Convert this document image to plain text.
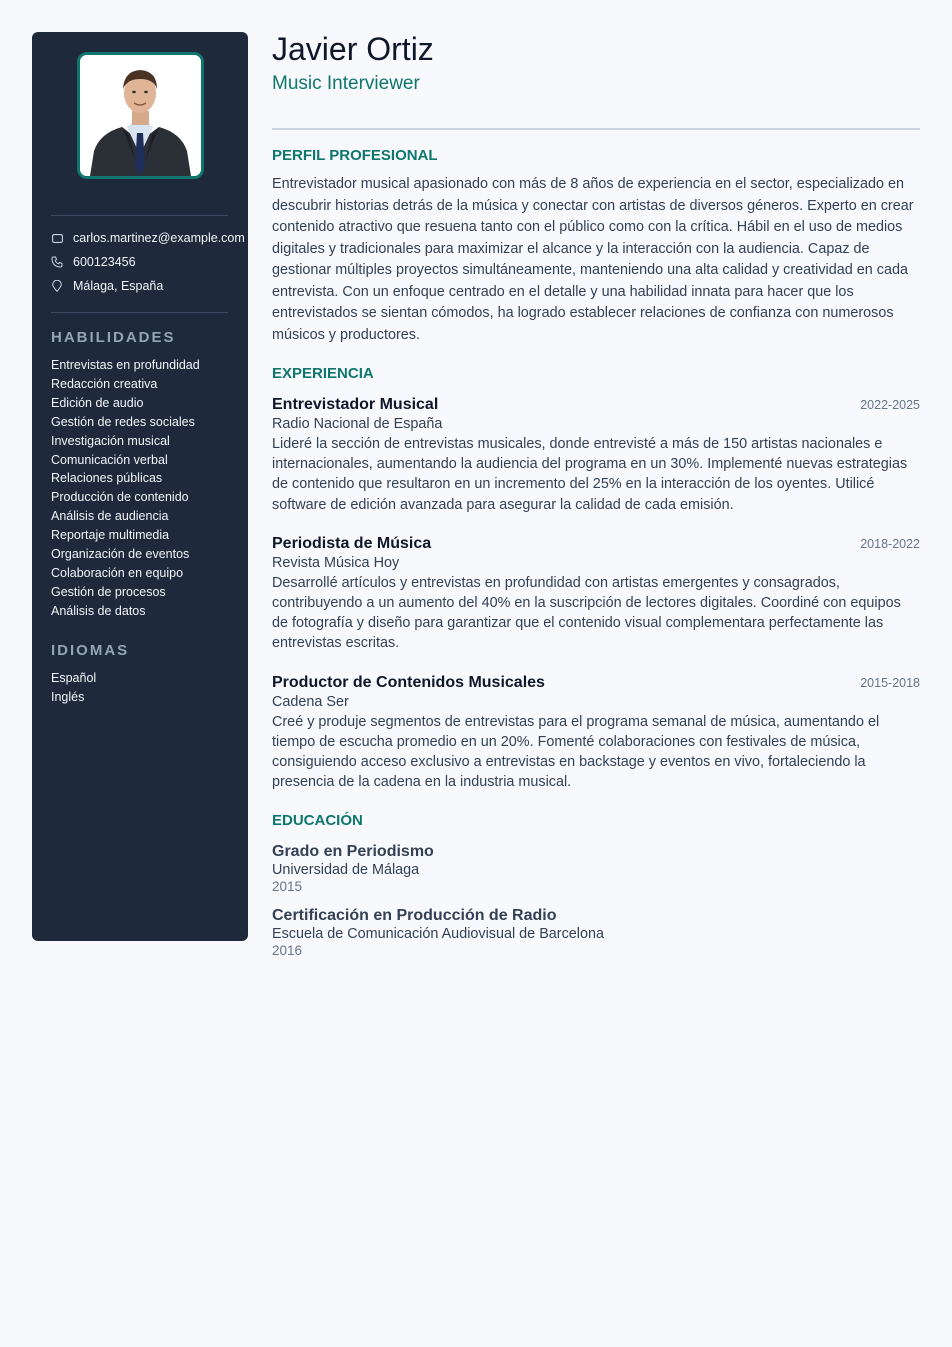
carlos.martinez@example.com
600123456
Málaga, España
HABILIDADES
Entrevistas en profundidad
Redacción creativa
Edición de audio
Gestión de redes sociales
Investigación musical
Comunicación verbal
Relaciones públicas
Producción de contenido
Análisis de audiencia
Reportaje multimedia
Organización de eventos
Colaboración en equipo
Gestión de procesos
Análisis de datos
IDIOMAS
Español
Inglés
Javier Ortiz
Music Interviewer
PERFIL PROFESIONAL

Entrevistador musical apasionado con más de 8 años de experiencia en el sector, especializado en descubrir historias detrás de la música y conectar con artistas de diversos géneros. Experto en crear contenido atractivo que resuena tanto con el público como con la crítica. Hábil en el uso de medios digitales y tradicionales para maximizar el alcance y la interacción con la audiencia. Capaz de gestionar múltiples proyectos simultáneamente, manteniendo una alta calidad y creatividad en cada entrevista. Con un enfoque centrado en el detalle y una habilidad innata para hacer que los entrevistados se sientan cómodos, ha logrado establecer relaciones de confianza con numerosos músicos y productores.

EXPERIENCIA
Entrevistador Musical	2022-2025
Radio Nacional de España
Lideré la sección de entrevistas musicales, donde entrevisté a más de 150 artistas nacionales e internacionales, aumentando la audiencia del programa en un 30%. Implementé nuevas estrategias de contenido que resultaron en un incremento del 25% en la interacción de los oyentes. Utilicé software de edición avanzada para asegurar la calidad de cada emisión.
Periodista de Música	2018-2022
Revista Música Hoy
Desarrollé artículos y entrevistas en profundidad con artistas emergentes y consagrados, contribuyendo a un aumento del 40% en la suscripción de lectores digitales. Coordiné con equipos de fotografía y diseño para garantizar que el contenido visual complementara perfectamente las entrevistas escritas.
Productor de Contenidos Musicales	2015-2018
Cadena Ser
Creé y produje segmentos de entrevistas para el programa semanal de música, aumentando el tiempo de escucha promedio en un 20%. Fomenté colaboraciones con festivales de música, consiguiendo acceso exclusivo a entrevistas en backstage y eventos en vivo, fortaleciendo la presencia de la cadena en la industria musical.
EDUCACIÓN
Grado en Periodismo
Universidad de Málaga
2015
Certificación en Producción de Radio
Escuela de Comunicación Audiovisual de Barcelona
2016
